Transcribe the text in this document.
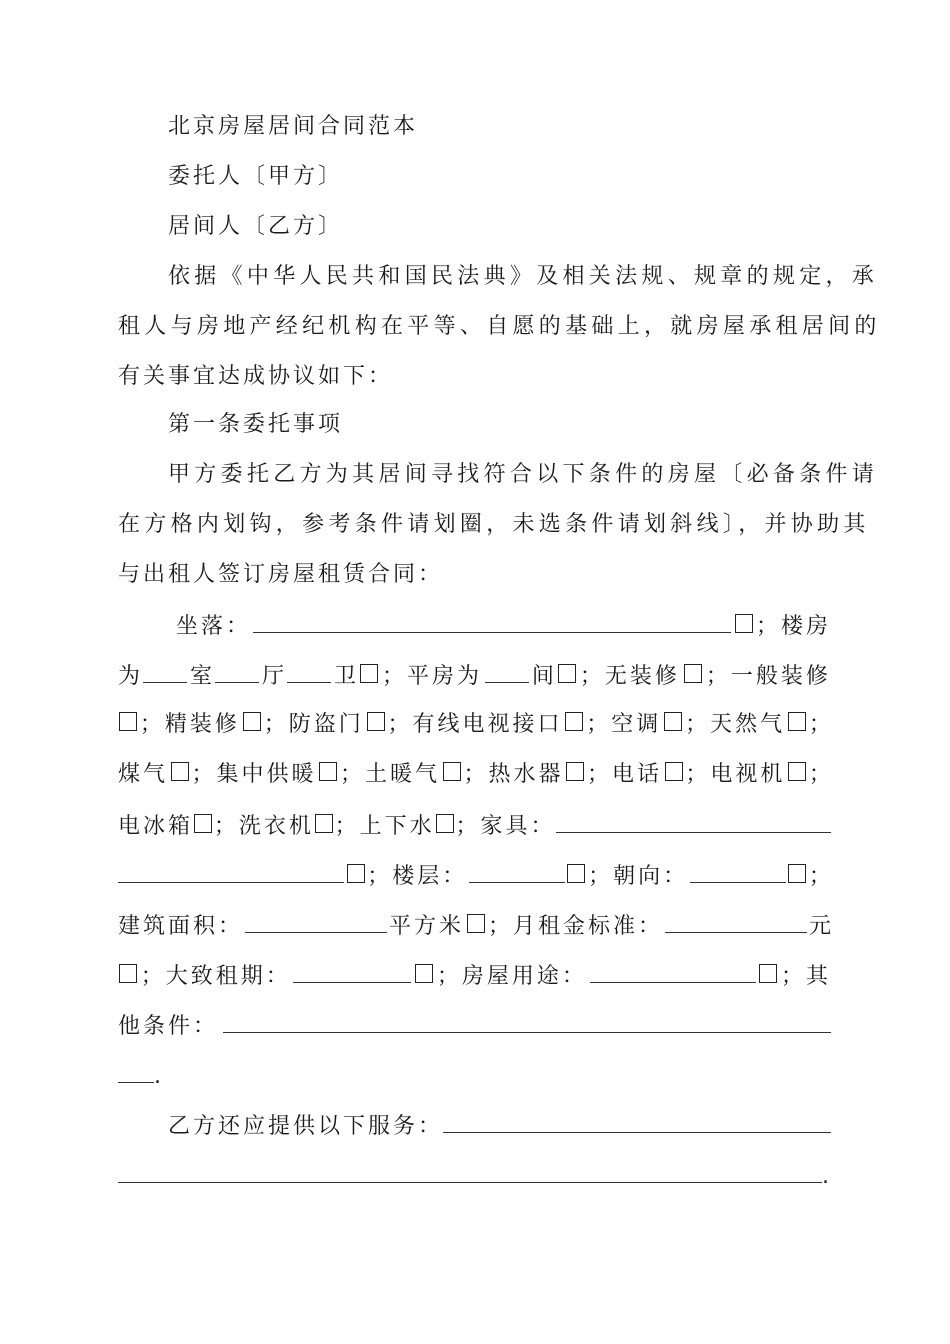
北京房屋居间合同范本
委托人〔甲方〕
居间人〔乙方〕
依据《中华人民共和国民法典》及相关法规、规章的规定，承
租人与房地产经纪机构在平等、自愿的基础上，就房屋承租居间的
有关事宜达成协议如下：
第一条委托事项
甲方委托乙方为其居间寻找符合以下条件的房屋〔必备条件请
在方格内划钩，参考条件请划圈，未选条件请划斜线〕，并协助其
与出租人签订房屋租赁合同：
坐落：	；楼房
为 室 厅 卫 ；平房为 间 ；无装修 ；一般装修
；精装修 ；防盗门 ；有线电视接口 ；空调 ；天然气 ；
煤气 ；集中供暖 ；土暖气 ；热水器 ；电话 ；电视机 ；
电冰箱 ；洗衣机 ；上下水 ；家具：
；楼层：	；朝向：	；
建筑面积：	平方米 ；月租金标准：	元
；大致租期：	；房屋用途：	；其
他条件：
.
乙方还应提供以下服务：
.
